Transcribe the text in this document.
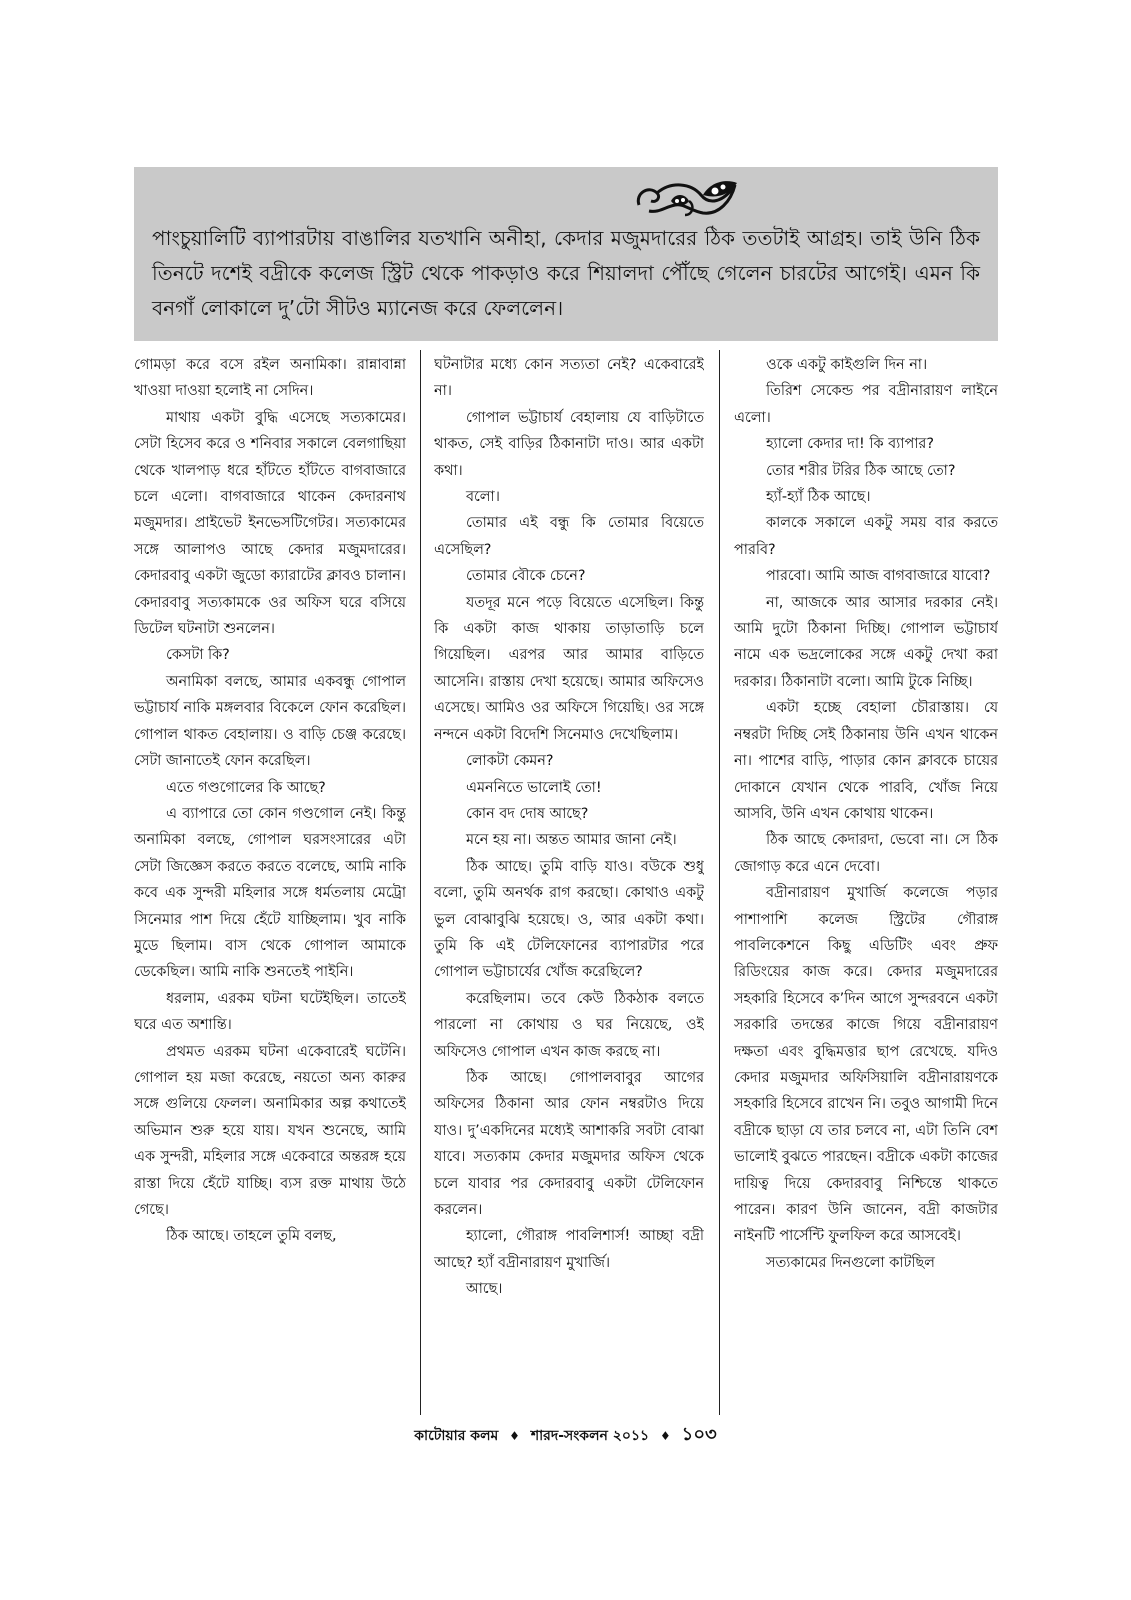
পাংচুয়ালিটি ব্যাপারটায় বাঙালির যতখানি অনীহা, কেদার মজুমদারের ঠিক ততটাই আগ্রহ। তাই উনি ঠিক তিনটে দশেই বদ্রীকে কলেজ স্ট্রিট থেকে পাকড়াও করে শিয়ালদা পৌঁছে গেলেন চারটের আগেই। এমন কি বনগাঁ লোকালে দু’টো সীটও ম্যানেজ করে ফেললেন।

গোমড়া করে বসে রইল অনামিকা। রান্নাবান্না খাওয়া দাওয়া হলোই না সেদিন।

মাথায় একটা বুদ্ধি এসেছে সত্যকামের। সেটা হিসেব করে ও শনিবার সকালে বেলগাছিয়া থেকে খালপাড় ধরে হাঁটতে হাঁটতে বাগবাজারে চলে এলো। বাগবাজারে থাকেন কেদারনাথ মজুমদার। প্রাইভেট ইনভেসটিগেটর। সত্যকামের সঙ্গে আলাপও আছে কেদার মজুমদারের। কেদারবাবু একটা জুডো ক্যারাটের ক্লাবও চালান। কেদারবাবু সত্যকামকে ওর অফিস ঘরে বসিয়ে ডিটেল ঘটনাটা শুনলেন।

কেসটা কি?

অনামিকা বলছে, আমার একবন্ধু গোপাল ভট্টাচার্য নাকি মঙ্গলবার বিকেলে ফোন করেছিল। গোপাল থাকত বেহালায়। ও বাড়ি চেঞ্জ করেছে। সেটা জানাতেই ফোন করেছিল।

এতে গণ্ডগোলের কি আছে?

এ ব্যাপারে তো কোন গণ্ডগোল নেই। কিন্তু অনামিকা বলছে, গোপাল ঘরসংসারের এটা সেটা জিজ্ঞেস করতে করতে বলেছে, আমি নাকি কবে এক সুন্দরী মহিলার সঙ্গে ধর্মতলায় মেট্রো সিনেমার পাশ দিয়ে হেঁটে যাচ্ছিলাম। খুব নাকি মুডে ছিলাম। বাস থেকে গোপাল আমাকে ডেকেছিল। আমি নাকি শুনতেই পাইনি।

ধরলাম, এরকম ঘটনা ঘটেইছিল। তাতেই ঘরে এত অশান্তি।

প্রথমত এরকম ঘটনা একেবারেই ঘটেনি। গোপাল হয় মজা করেছে, নয়তো অন্য কারুর সঙ্গে গুলিয়ে ফেলল। অনামিকার অল্প কথাতেই অভিমান শুরু হয়ে যায়। যখন শুনেছে, আমি এক সুন্দরী, মহিলার সঙ্গে একেবারে অন্তরঙ্গ হয়ে রাস্তা দিয়ে হেঁটে যাচ্ছি। ব্যস রক্ত মাথায় উঠে গেছে।

ঠিক আছে। তাহলে তুমি বলছ,

ঘটনাটার মধ্যে কোন সত্যতা নেই? একেবারেই না।

গোপাল ভট্টাচার্য বেহালায় যে বাড়িটাতে থাকত, সেই বাড়ির ঠিকানাটা দাও। আর একটা কথা।

বলো।

তোমার এই বন্ধু কি তোমার বিয়েতে এসেছিল?

তোমার বৌকে চেনে?

যতদূর মনে পড়ে বিয়েতে এসেছিল। কিন্তু কি একটা কাজ থাকায় তাড়াতাড়ি চলে গিয়েছিল। এরপর আর আমার বাড়িতে আসেনি। রাস্তায় দেখা হয়েছে। আমার অফিসেও এসেছে। আমিও ওর অফিসে গিয়েছি। ওর সঙ্গে নন্দনে একটা বিদেশি সিনেমাও দেখেছিলাম।

লোকটা কেমন?

এমননিতে ভালোই তো!

কোন বদ দোষ আছে?

মনে হয় না। অন্তত আমার জানা নেই।

ঠিক আছে। তুমি বাড়ি যাও। বউকে শুধু বলো, তুমি অনর্থক রাগ করছো। কোথাও একটু ভুল বোঝাবুঝি হয়েছে। ও, আর একটা কথা। তুমি কি এই টেলিফোনের ব্যাপারটার পরে গোপাল ভট্টাচার্যের খোঁজ করেছিলে?

করেছিলাম। তবে কেউ ঠিকঠাক বলতে পারলো না কোথায় ও ঘর নিয়েছে, ওই অফিসেও গোপাল এখন কাজ করছে না।

ঠিক আছে। গোপালবাবুর আগের অফিসের ঠিকানা আর ফোন নম্বরটাও দিয়ে যাও। দু’একদিনের মধ্যেই আশাকরি সবটা বোঝা যাবে। সত্যকাম কেদার মজুমদার অফিস থেকে চলে যাবার পর কেদারবাবু একটা টেলিফোন করলেন।

হ্যালো, গৌরাঙ্গ পাবলিশার্স! আচ্ছা বদ্রী আছে? হ্যাঁ বদ্রীনারায়ণ মুখার্জি।

আছে।

ওকে একটু কাইগুলি দিন না।

তিরিশ সেকেন্ড পর বদ্রীনারায়ণ লাইনে এলো।

হ্যালো কেদার দা! কি ব্যাপার?

তোর শরীর টরির ঠিক আছে তো?

হ্যাঁ-হ্যাঁ ঠিক আছে।

কালকে সকালে একটু সময় বার করতে পারবি?

পারবো। আমি আজ বাগবাজারে যাবো?

না, আজকে আর আসার দরকার নেই। আমি দুটো ঠিকানা দিচ্ছি। গোপাল ভট্টাচার্য নামে এক ভদ্রলোকের সঙ্গে একটু দেখা করা দরকার। ঠিকানাটা বলো। আমি টুকে নিচ্ছি।

একটা হচ্ছে বেহালা চৌরাস্তায়। যে নম্বরটা দিচ্ছি সেই ঠিকানায় উনি এখন থাকেন না। পাশের বাড়ি, পাড়ার কোন ক্লাবকে চায়ের দোকানে যেখান থেকে পারবি, খোঁজ নিয়ে আসবি, উনি এখন কোথায় থাকেন।

ঠিক আছে কেদারদা, ভেবো না। সে ঠিক জোগাড় করে এনে দেবো।

বদ্রীনারায়ণ মুখার্জি কলেজে পড়ার পাশাপাশি কলেজ স্ট্রিটের গৌরাঙ্গ পাবলিকেশনে কিছু এডিটিং এবং প্রুফ রিডিংয়ের কাজ করে। কেদার মজুমদারের সহকারি হিসেবে ক’দিন আগে সুন্দরবনে একটা সরকারি তদন্তের কাজে গিয়ে বদ্রীনারায়ণ দক্ষতা এবং বুদ্ধিমত্তার ছাপ রেখেছে. যদিও কেদার মজুমদার অফিসিয়ালি বদ্রীনারায়ণকে সহকারি হিসেবে রাখেন নি। তবুও আগামী দিনে বদ্রীকে ছাড়া যে তার চলবে না, এটা তিনি বেশ ভালোই বুঝতে পারছেন। বদ্রীকে একটা কাজের দায়িত্ব দিয়ে কেদারবাবু নিশ্চিন্তে থাকতে পারেন। কারণ উনি জানেন, বদ্রী কাজটার নাইনটি পার্সেন্টি ফুলফিল করে আসবেই।

সত্যকামের দিনগুলো কাটছিল

কাটোয়ার কলম ♦ শারদ-সংকলন ২০১১ ♦ ১০৩
